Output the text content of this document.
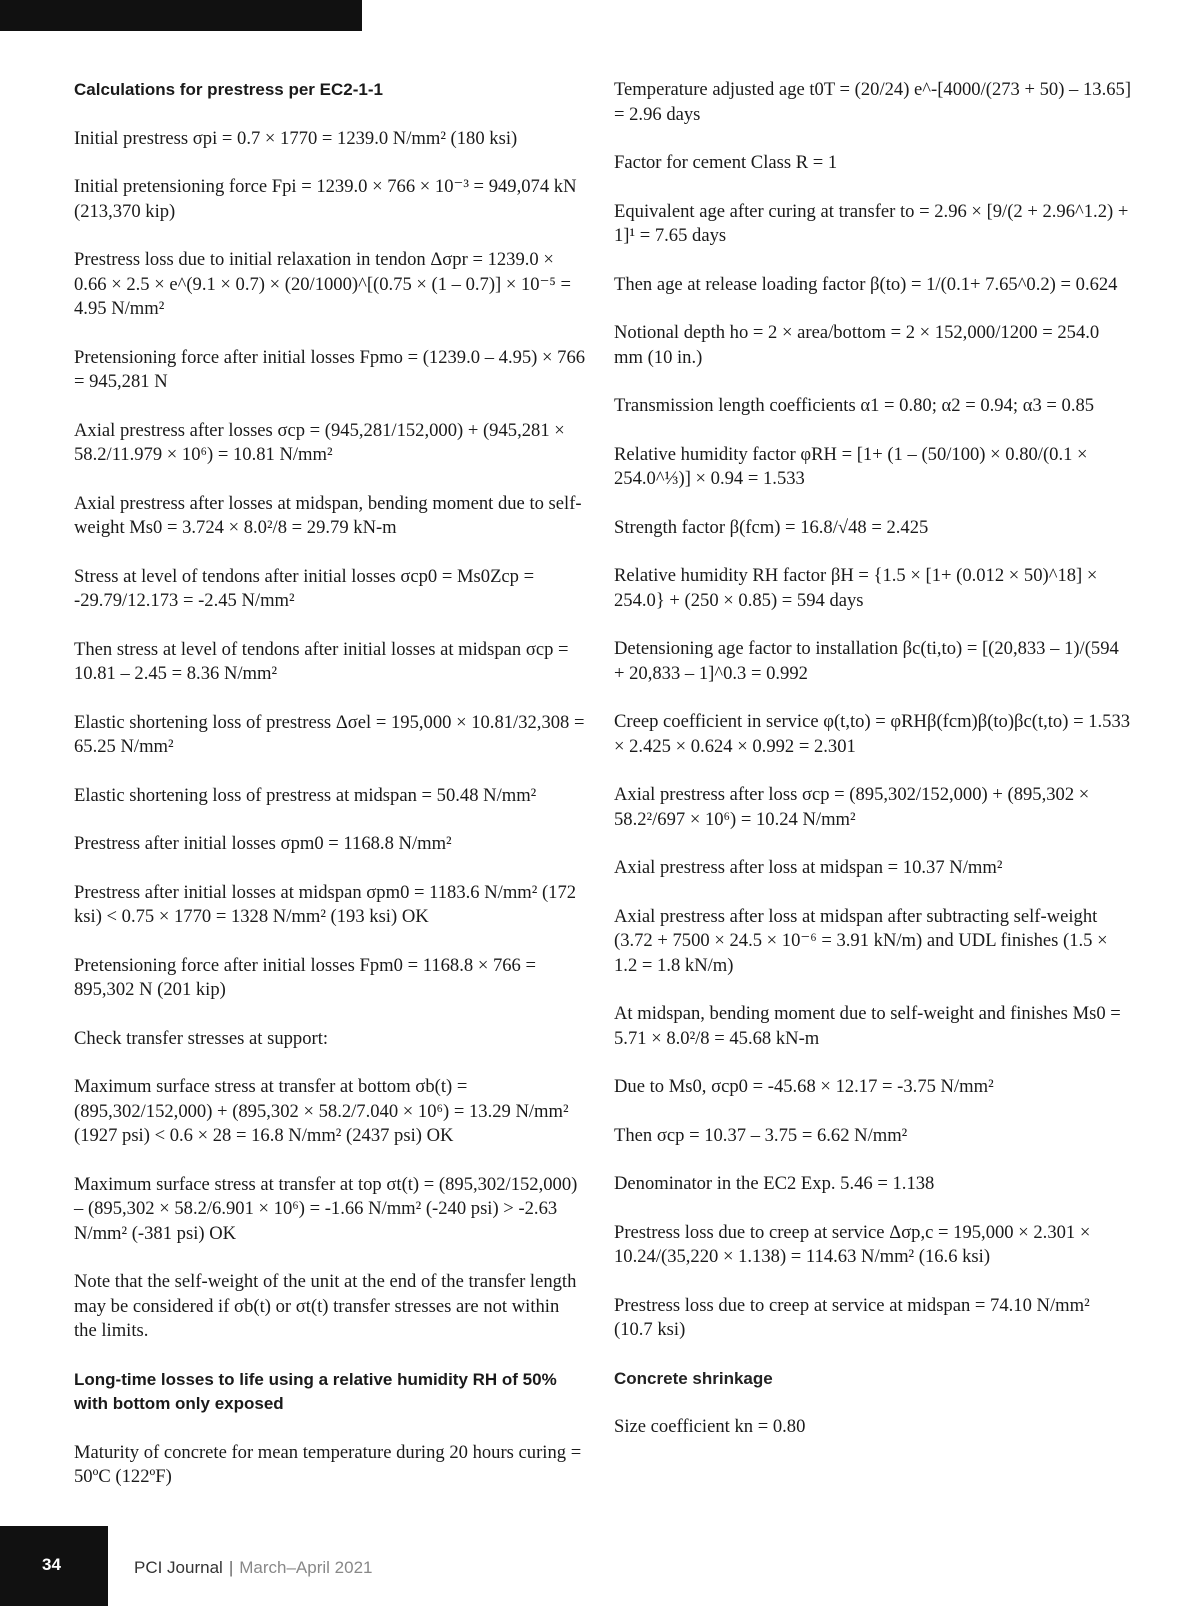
Calculations for prestress per EC2-1-1

Initial prestress σpi = 0.7 × 1770 = 1239.0 N/mm² (180 ksi)

Initial pretensioning force Fpi = 1239.0 × 766 × 10⁻³ = 949,074 kN (213,370 kip)

Prestress loss due to initial relaxation in tendon Δσpr = 1239.0 × 0.66 × 2.5 × e^(9.1 × 0.7) × (20/1000)^[(0.75 × (1 – 0.7)] × 10⁻⁵ = 4.95 N/mm²

Pretensioning force after initial losses Fpmo = (1239.0 – 4.95) × 766 = 945,281 N

Axial prestress after losses σcp = (945,281/152,000) + (945,281 × 58.2/11.979 × 10⁶) = 10.81 N/mm²

Axial prestress after losses at midspan, bending moment due to self-weight Ms0 = 3.724 × 8.0²/8 = 29.79 kN-m

Stress at level of tendons after initial losses σcp0 = Ms0Zcp = -29.79/12.173 = -2.45 N/mm²

Then stress at level of tendons after initial losses at midspan σcp = 10.81 – 2.45 = 8.36 N/mm²

Elastic shortening loss of prestress Δσel = 195,000 × 10.81/32,308 = 65.25 N/mm²

Elastic shortening loss of prestress at midspan = 50.48 N/mm²

Prestress after initial losses σpm0 = 1168.8 N/mm²

Prestress after initial losses at midspan σpm0 = 1183.6 N/mm² (172 ksi) < 0.75 × 1770 = 1328 N/mm² (193 ksi) OK

Pretensioning force after initial losses Fpm0 = 1168.8 × 766 = 895,302 N (201 kip)

Check transfer stresses at support:

Maximum surface stress at transfer at bottom σb(t) = (895,302/152,000) + (895,302 × 58.2/7.040 × 10⁶) = 13.29 N/mm² (1927 psi) < 0.6 × 28 = 16.8 N/mm² (2437 psi) OK

Maximum surface stress at transfer at top σt(t) = (895,302/152,000) – (895,302 × 58.2/6.901 × 10⁶) = -1.66 N/mm² (-240 psi) > -2.63 N/mm² (-381 psi) OK

Note that the self-weight of the unit at the end of the transfer length may be considered if σb(t) or σt(t) transfer stresses are not within the limits.

Long-time losses to life using a relative humidity RH of 50% with bottom only exposed

Maturity of concrete for mean temperature during 20 hours curing = 50ºC (122ºF)

Temperature adjusted age t0T = (20/24) e^-[4000/(273 + 50) – 13.65] = 2.96 days

Factor for cement Class R = 1

Equivalent age after curing at transfer to = 2.96 × [9/(2 + 2.96^1.2) + 1]¹ = 7.65 days

Then age at release loading factor β(to) = 1/(0.1+ 7.65^0.2) = 0.624

Notional depth ho = 2 × area/bottom = 2 × 152,000/1200 = 254.0 mm (10 in.)

Transmission length coefficients α1 = 0.80; α2 = 0.94; α3 = 0.85

Relative humidity factor φRH = [1+ (1 – (50/100) × 0.80/(0.1 × 254.0^⅓)] × 0.94 = 1.533

Strength factor β(fcm) = 16.8/√48 = 2.425

Relative humidity RH factor βH = {1.5 × [1+ (0.012 × 50)^18] × 254.0} + (250 × 0.85) = 594 days

Detensioning age factor to installation βc(ti,to) = [(20,833 – 1)/(594 + 20,833 – 1]^0.3 = 0.992

Creep coefficient in service φ(t,to) = φRHβ(fcm)β(to)βc(t,to) = 1.533 × 2.425 × 0.624 × 0.992 = 2.301

Axial prestress after loss σcp = (895,302/152,000) + (895,302 × 58.2²/697 × 10⁶) = 10.24 N/mm²

Axial prestress after loss at midspan = 10.37 N/mm²

Axial prestress after loss at midspan after subtracting self-weight (3.72 + 7500 × 24.5 × 10⁻⁶ = 3.91 kN/m) and UDL finishes (1.5 × 1.2 = 1.8 kN/m)

At midspan, bending moment due to self-weight and finishes Ms0 = 5.71 × 8.0²/8 = 45.68 kN-m

Due to Ms0, σcp0 = -45.68 × 12.17 = -3.75 N/mm²

Then σcp = 10.37 – 3.75 = 6.62 N/mm²

Denominator in the EC2 Exp. 5.46 = 1.138

Prestress loss due to creep at service Δσp,c = 195,000 × 2.301 × 10.24/(35,220 × 1.138) = 114.63 N/mm² (16.6 ksi)

Prestress loss due to creep at service at midspan = 74.10 N/mm² (10.7 ksi)

Concrete shrinkage

Size coefficient kn = 0.80

34	PCI Journal | March–April 2021
